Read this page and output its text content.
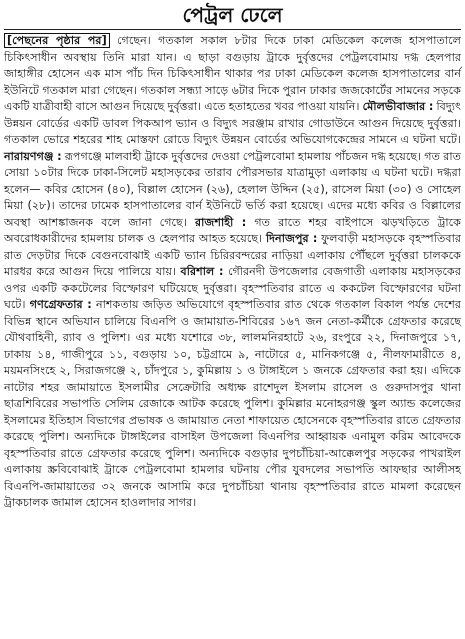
পেট্রল ঢেলে

[পেছনের পৃষ্ঠার পর] গেছেন। গতকাল সকাল ৮টার দিকে ঢাকা মেডিকেল কলেজ হাসপাতালে চিকিৎসাধীন অবস্থায় তিনি মারা যান। এ ছাড়া বগুড়ায় ট্রাকে দুর্বৃত্তদের পেট্রলবোমায় দগ্ধ হেলপার জাহাঙ্গীর হোসেন এক মাস পাঁচ দিন চিকিৎসাধীন থাকার পর ঢাকা মেডিকেল কলেজ হাসপাতালের বার্ন ইউনিটে গতকাল মারা গেছেন। গতকাল সন্ধ্যা সাড়ে ৬টার দিকে পুরান ঢাকার জজকোর্টের সামনের সড়কে একটি যাত্রীবাহী বাসে আগুন দিয়েছে দুর্বৃত্তরা। এতে হতাহতের খবর পাওয়া যায়নি। মৌলভীবাজার : বিদ্যুৎ উন্নয়ন বোর্ডের একটি ডাবল পিকআপ ভ্যান ও বিদ্যুৎ সরঞ্জাম রাখার গোডাউনে আগুন দিয়েছে দুর্বৃত্তরা। গতকাল ভোরে শহরের শাহ মোস্তফা রোডে বিদ্যুৎ উন্নয়ন বোর্ডের অভিযোগকেন্দ্রের সামনে এ ঘটনা ঘটে। নারায়ণগঞ্জ : রূপগঞ্জে মালবাহী ট্রাকে দুর্বৃত্তদের দেওয়া পেট্রলবোমা হামলায় পাঁচজন দগ্ধ হয়েছে। গত রাত সোয়া ১০টার দিকে ঢাকা-সিলেট মহাসড়কের তারাব পৌরসভার যাত্রামুড়া এলাকায় এ ঘটনা ঘটে। দগ্ধরা হলেন— কবির হোসেন (৪০), বিল্লাল হোসেন (২৬), হেলাল উদ্দিন (২৫), রাসেল মিয়া (৩০) ও সোহেল মিয়া (২৮)। তাদের ঢামেক হাসপাতালের বার্ন ইউনিটে ভর্তি করা হয়েছে। এদের মধ্যে কবির ও বিল্লালের অবস্থা আশঙ্কাজনক বলে জানা গেছে। রাজশাহী : গত রাতে শহর বাইপাসে ঝড়খড়িতে ট্রাকে অবরোধকারীদের হামলায় চালক ও হেলপার আহত হয়েছে। দিনাজপুর : ফুলবাড়ী মহাসড়কে বৃহস্পতিবার রাত দেড়টার দিকে বেগুনবোঝাই একটি ভ্যান চিরিরবন্দরের নাড়িয়া এলাকায় পৌঁছলে দুর্বৃত্তরা চালককে মারধর করে আগুন দিয়ে পালিয়ে যায়। বরিশাল : গৌরনদী উপজেলার বেজগাতী এলাকায় মহাসড়কের ওপর একটি ককটেলের বিস্ফোরণ ঘটিয়েছে দুর্বৃত্তরা। বৃহস্পতিবার রাতে এ ককটেল বিস্ফোরণের ঘটনা ঘটে। গণগ্রেফতার : নাশকতায় জড়িত অভিযোগে বৃহস্পতিবার রাত থেকে গতকাল বিকাল পর্যন্ত দেশের বিভিন্ন স্থানে অভিযান চালিয়ে বিএনপি ও জামায়াত-শিবিরের ১৬৭ জন নেতা-কর্মীকে গ্রেফতার করেছে যৌথবাহিনী, র‌্যাব ও পুলিশ। এর মধ্যে যশোরে ৩৮, লালমনিরহাটে ২৬, রংপুরে ২২, দিনাজপুরে ১৭, ঢাকায় ১৪, গাজীপুরে ১১, বগুড়ায় ১০, চট্টগ্রামে ৯, নাটোরে ৫, মানিকগঞ্জে ৫, নীলফামারীতে ৪, ময়মনসিংহে ২, সিরাজগঞ্জে ২, চাঁদপুরে ১, কুমিল্লায় ১ ও টাঙ্গাইলে ১ জনকে গ্রেফতার করা হয়। এদিকে নাটোর শহর জামায়াতে ইসলামীর সেক্রেটারি অধ্যক্ষ রাশেদুল ইসলাম রাসেল ও গুরুদাসপুর থানা ছাত্রশিবিরের সভাপতি সেলিম রেজাকে আটক করেছে পুলিশ। কুমিল্লার মনোহরগঞ্জ স্কুল অ্যান্ড কলেজের ইসলামের ইতিহাস বিভাগের প্রভাষক ও জামায়াত নেতা শাফায়েত হোসেনকে বৃহস্পতিবার রাতে গ্রেফতার করেছে পুলিশ। অন্যদিকে টাঙ্গাইলের বাসাইল উপজেলা বিএনপির আহ্বায়ক এনামুল করিম আবেদকে বৃহস্পতিবার রাতে গ্রেফতার করেছে পুলিশ। অন্যদিকে বগুড়ার দুপচাঁচিয়া-আক্কেলপুর সড়কের পাখরাইল এলাকায় স্ক্রবিবোঝাই ট্রাকে পেট্রলবোমা হামলার ঘটনায় পৌর যুবদলের সভাপতি আফছার আলীসহ বিএনপি-জামায়াতের ৩২ জনকে আসামি করে দুপচাঁচিয়া থানায় বৃহস্পতিবার রাতে মামলা করেছেন ট্রাকচালক জামাল হোসেন হাওলাদার সাগর।
